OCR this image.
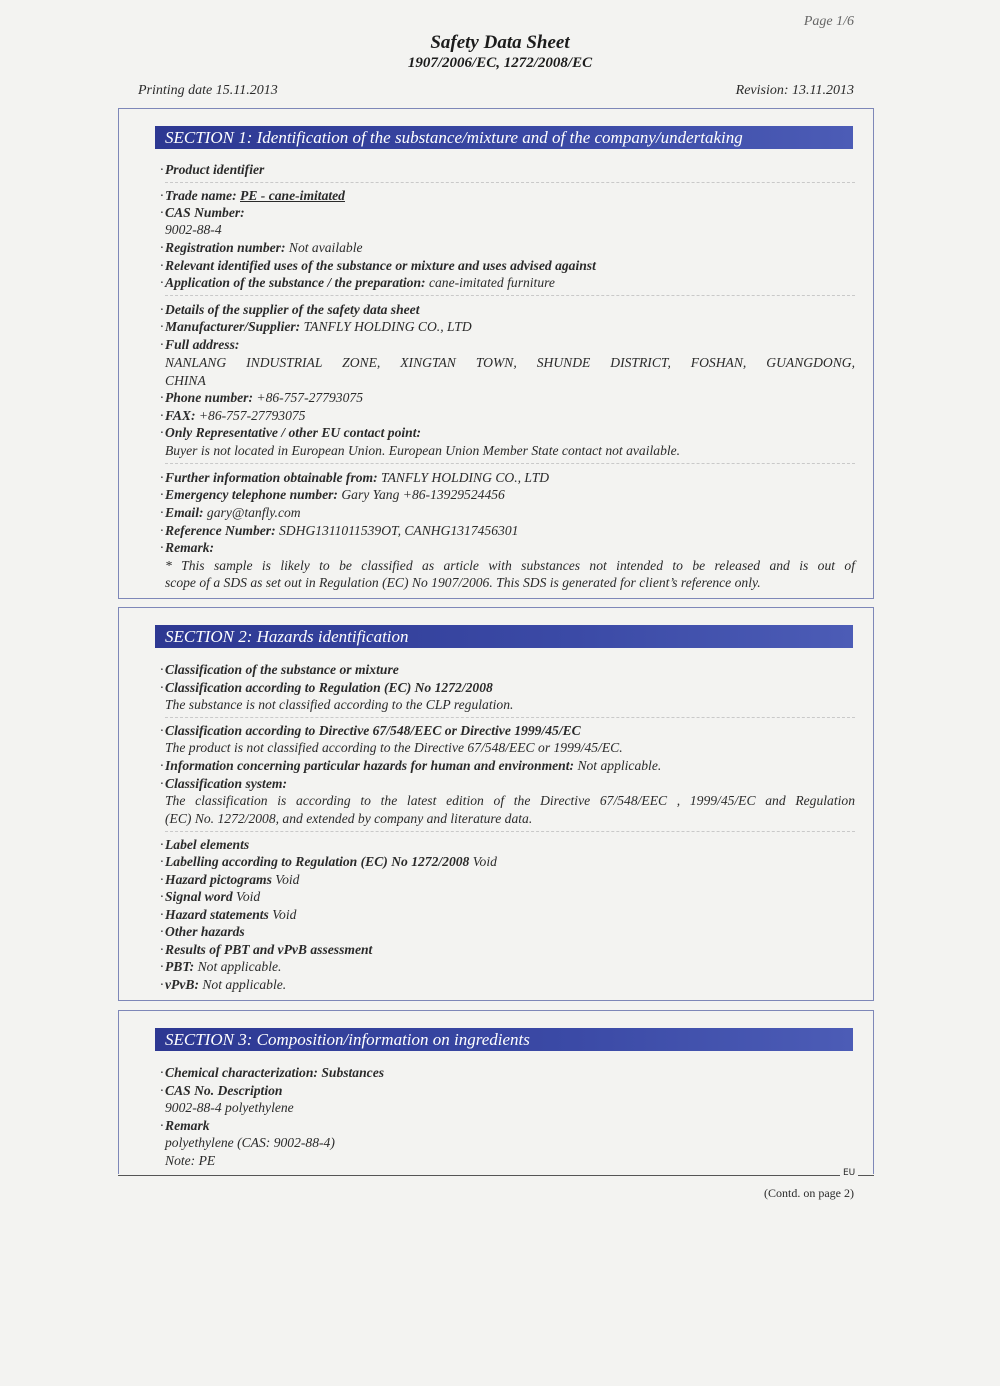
Page 1/6
Safety Data Sheet
1907/2006/EC, 1272/2008/EC
Printing date 15.11.2013	Revision: 13.11.2013
SECTION 1: Identification of the substance/mixture and of the company/undertaking
· Product identifier
· Trade name: PE - cane-imitated
· CAS Number:
9002-88-4
· Registration number: Not available
· Relevant identified uses of the substance or mixture and uses advised against
· Application of the substance / the preparation: cane-imitated furniture
· Details of the supplier of the safety data sheet
· Manufacturer/Supplier: TANFLY HOLDING CO., LTD
· Full address:
NANLANG INDUSTRIAL ZONE, XINGTAN TOWN, SHUNDE DISTRICT, FOSHAN, GUANGDONG,
CHINA
· Phone number: +86-757-27793075
· FAX: +86-757-27793075
· Only Representative / other EU contact point:
Buyer is not located in European Union. European Union Member State contact not available.
· Further information obtainable from: TANFLY HOLDING CO., LTD
· Emergency telephone number: Gary Yang +86-13929524456
· Email: gary@tanfly.com
· Reference Number: SDHG1311011539OT, CANHG1317456301
· Remark:
* This sample is likely to be classified as article with substances not intended to be released and is out of
scope of a SDS as set out in Regulation (EC) No 1907/2006. This SDS is generated for client’s reference only.
SECTION 2: Hazards identification
· Classification of the substance or mixture
· Classification according to Regulation (EC) No 1272/2008
The substance is not classified according to the CLP regulation.
· Classification according to Directive 67/548/EEC or Directive 1999/45/EC
The product is not classified according to the Directive 67/548/EEC or 1999/45/EC.
· Information concerning particular hazards for human and environment: Not applicable.
· Classification system:
The classification is according to the latest edition of the Directive 67/548/EEC , 1999/45/EC and Regulation
(EC) No. 1272/2008, and extended by company and literature data.
· Label elements
· Labelling according to Regulation (EC) No 1272/2008 Void
· Hazard pictograms Void
· Signal word Void
· Hazard statements Void
· Other hazards
· Results of PBT and vPvB assessment
· PBT: Not applicable.
· vPvB: Not applicable.
SECTION 3: Composition/information on ingredients
· Chemical characterization: Substances
· CAS No. Description
9002-88-4 polyethylene
· Remark
polyethylene (CAS: 9002-88-4)
Note: PE
EU
(Contd. on page 2)
